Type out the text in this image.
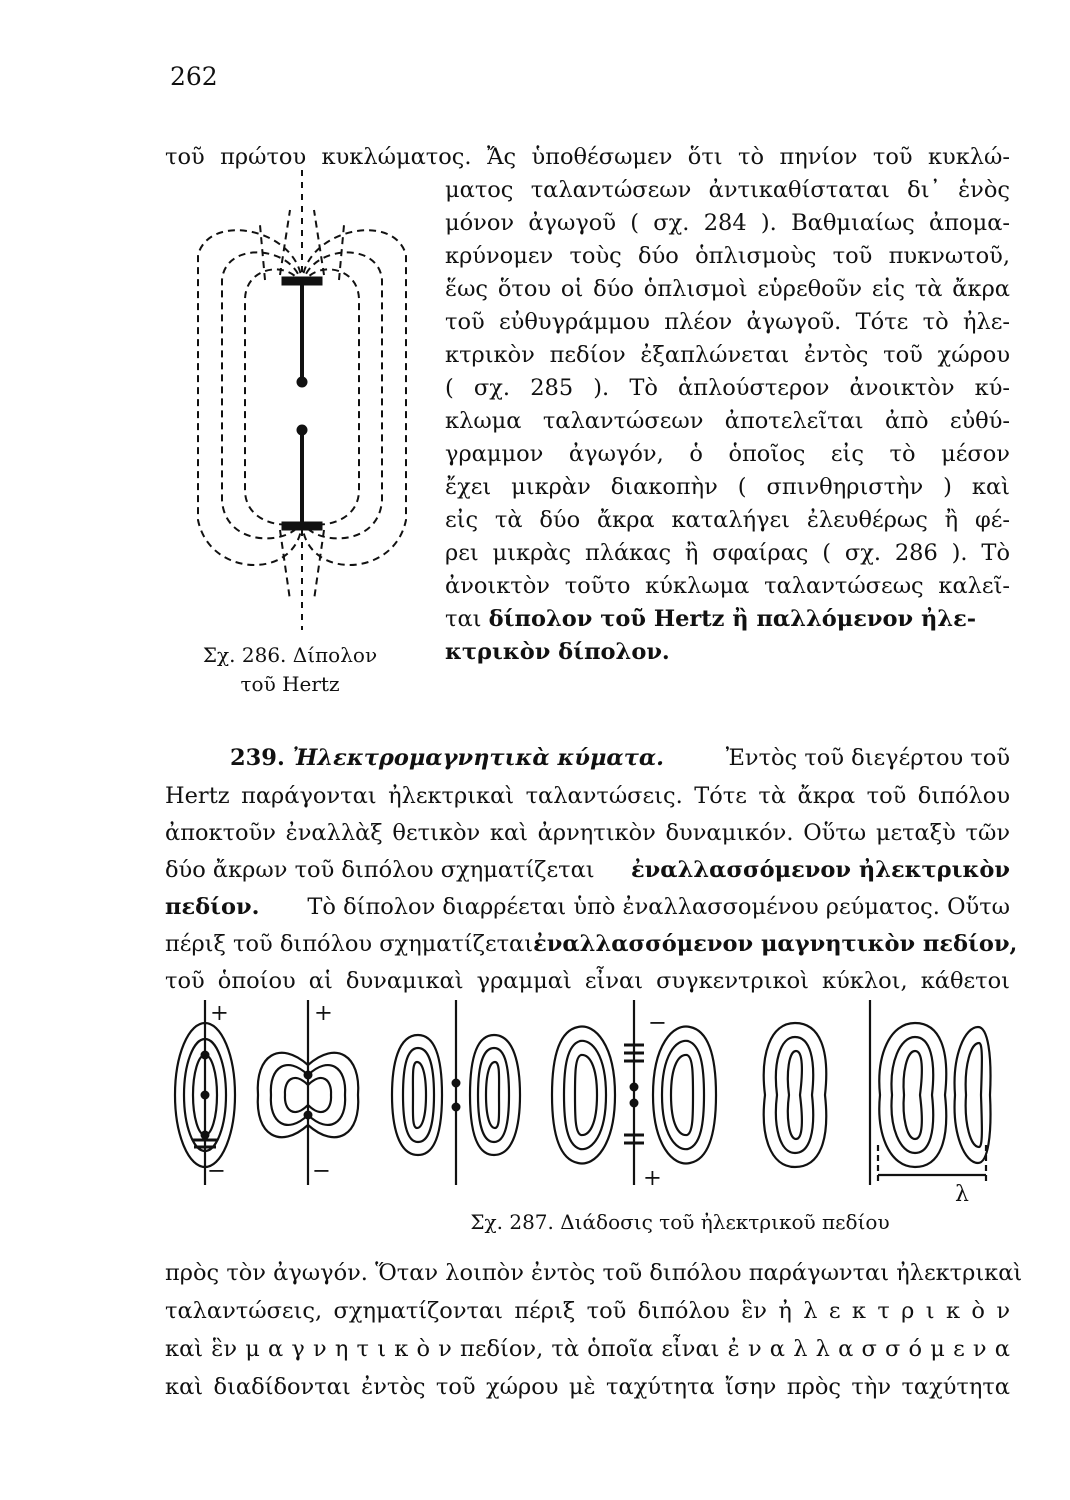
262
τοῦ πρώτου κυκλώματος. Ἄς ὑποθέσωμεν ὅτι τὸ πηνίον τοῦ κυκλώ-
ματος ταλαντώσεων ἀντικαθίσταται δι᾽ ἑνὸς
μόνον ἀγωγοῦ ( σχ. 284 ). Βαθμιαίως ἀπομα-
κρύνομεν τοὺς δύο ὁπλισμοὺς τοῦ πυκνωτοῦ,
ἕως ὅτου οἱ δύο ὁπλισμοὶ εὑρεθοῦν εἰς τὰ ἄκρα
τοῦ εὐθυγράμμου πλέον ἀγωγοῦ. Τότε τὸ ἠλε-
κτρικὸν πεδίον ἐξαπλώνεται ἐντὸς τοῦ χώρου
( σχ. 285 ). Τὸ ἁπλούστερον ἀνοικτὸν κύ-
κλωμα ταλαντώσεων ἀποτελεῖται ἀπὸ εὐθύ-
γραμμον ἀγωγόν, ὁ ὁποῖος εἰς τὸ μέσον
ἔχει μικρὰν διακοπὴν ( σπινθηριστὴν ) καὶ
εἰς τὰ δύο ἄκρα καταλήγει ἐλευθέρως ἢ φέ-
ρει μικρὰς πλάκας ἢ σφαίρας ( σχ. 286 ). Τὸ
ἀνοικτὸν τοῦτο κύκλωμα ταλαντώσεως καλεῖ-
ται δίπολον τοῦ Hertz ἢ παλλόμενον ἠλε-
κτρικὸν δίπολον.
Σχ. 286. Δίπολον
τοῦ Hertz
239. Ἠλεκτρομαγνητικὰ κύματα.	Ἐντὸς τοῦ διεγέρτου τοῦ
Hertz παράγονται ἠλεκτρικαὶ ταλαντώσεις. Τότε τὰ ἄκρα τοῦ διπόλου
ἀποκτοῦν ἐναλλὰξ θετικὸν καὶ ἀρνητικὸν δυναμικόν. Οὕτω μεταξὺ τῶν
δύο ἄκρων τοῦ διπόλου σχηματίζεται ἐναλλασσόμενον ἠλεκτρικὸν
πεδίον. Τὸ δίπολον διαρρέεται ὑπὸ ἐναλλασσομένου ρεύματος. Οὕτω
πέριξ τοῦ διπόλου σχηματίζεται ἐναλλασσόμενον μαγνητικὸν πεδίον,
τοῦ ὁποίου αἱ δυναμικαὶ γραμμαὶ εἶναι συγκεντρικοὶ κύκλοι, κάθετοι
+	+	−
−	−	+
λ
Σχ. 287. Διάδοσις τοῦ ἠλεκτρικοῦ πεδίου
πρὸς τὸν ἀγωγόν. Ὅταν λοιπὸν ἐντὸς τοῦ διπόλου παράγωνται ἠλεκτρικαὶ
ταλαντώσεις, σχηματίζονται πέριξ τοῦ διπόλου ἓν ἠ λ ε κ τ ρ ι κ ὸ ν
καὶ ἓν μ α γ ν η τ ι κ ὸ ν πεδίον, τὰ ὁποῖα εἶναι ἐ ν α λ λ α σ σ ό μ ε ν α
καὶ διαδίδονται ἐντὸς τοῦ χώρου μὲ ταχύτητα ἴσην πρὸς τὴν ταχύτητα
